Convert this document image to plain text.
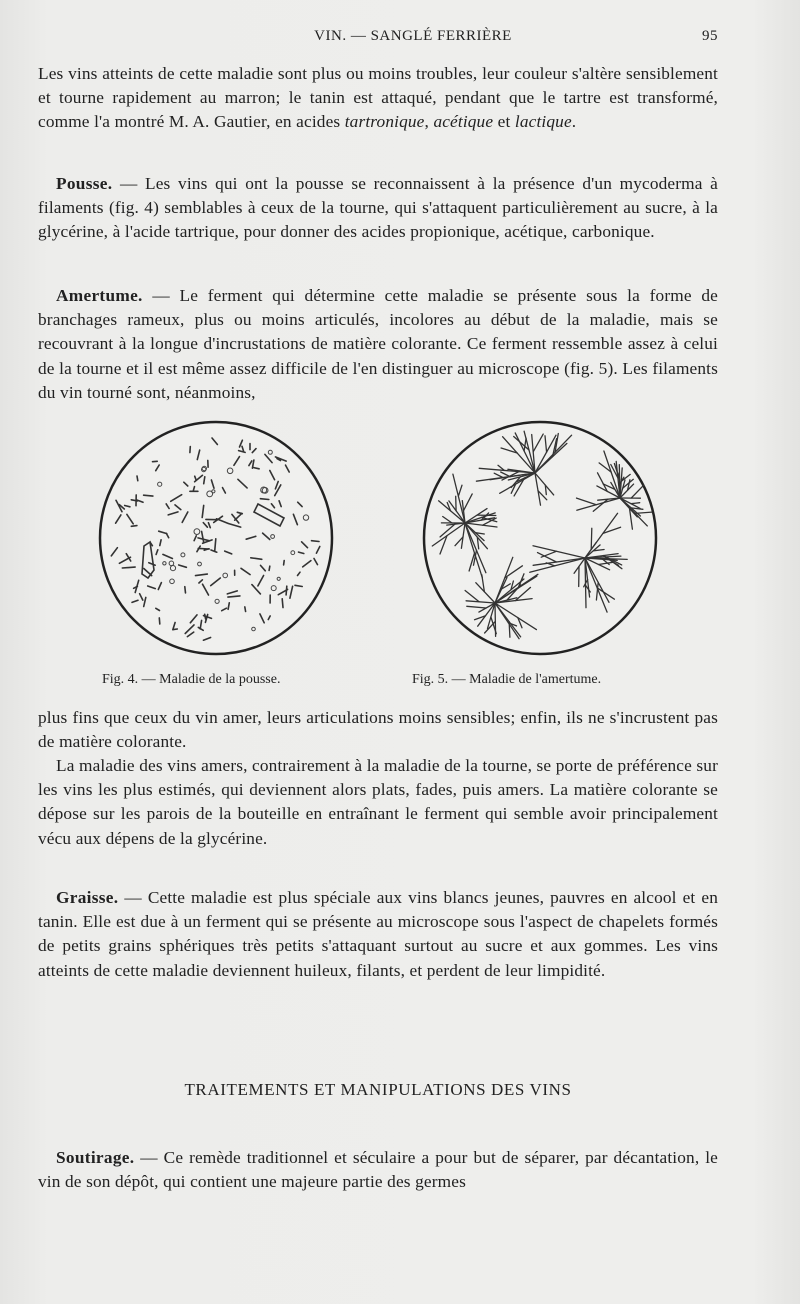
VIN. — SANGLÉ FERRIÈRE	95

Les vins atteints de cette maladie sont plus ou moins troubles, leur couleur s'altère sensiblement et tourne rapidement au marron; le tanin est attaqué, pendant que le tartre est transformé, comme l'a montré M. A. Gautier, en acides tartronique, acétique et lactique.

Pousse. — Les vins qui ont la pousse se reconnaissent à la présence d'un mycoderma à filaments (fig. 4) semblables à ceux de la tourne, qui s'attaquent particulièrement au sucre, à la glycérine, à l'acide tartrique, pour donner des acides propionique, acétique, carbonique.

Amertume. — Le ferment qui détermine cette maladie se présente sous la forme de branchages rameux, plus ou moins articulés, incolores au début de la maladie, mais se recouvrant à la longue d'incrustations de matière colorante. Ce ferment ressemble assez à celui de la tourne et il est même assez difficile de l'en distinguer au microscope (fig. 5). Les filaments du vin tourné sont, néanmoins,

Fig. 4. — Maladie de la pousse.	Fig. 5. — Maladie de l'amertume.

plus fins que ceux du vin amer, leurs articulations moins sensibles; enfin, ils ne s'incrustent pas de matière colorante.

La maladie des vins amers, contrairement à la maladie de la tourne, se porte de préférence sur les vins les plus estimés, qui deviennent alors plats, fades, puis amers. La matière colorante se dépose sur les parois de la bouteille en entraînant le ferment qui semble avoir principalement vécu aux dépens de la glycérine.

Graisse. — Cette maladie est plus spéciale aux vins blancs jeunes, pauvres en alcool et en tanin. Elle est due à un ferment qui se présente au microscope sous l'aspect de chapelets formés de petits grains sphériques très petits s'attaquant surtout au sucre et aux gommes. Les vins atteints de cette maladie deviennent huileux, filants, et perdent de leur limpidité.

TRAITEMENTS ET MANIPULATIONS DES VINS

Soutirage. — Ce remède traditionnel et séculaire a pour but de séparer, par décantation, le vin de son dépôt, qui contient une majeure partie des germes
